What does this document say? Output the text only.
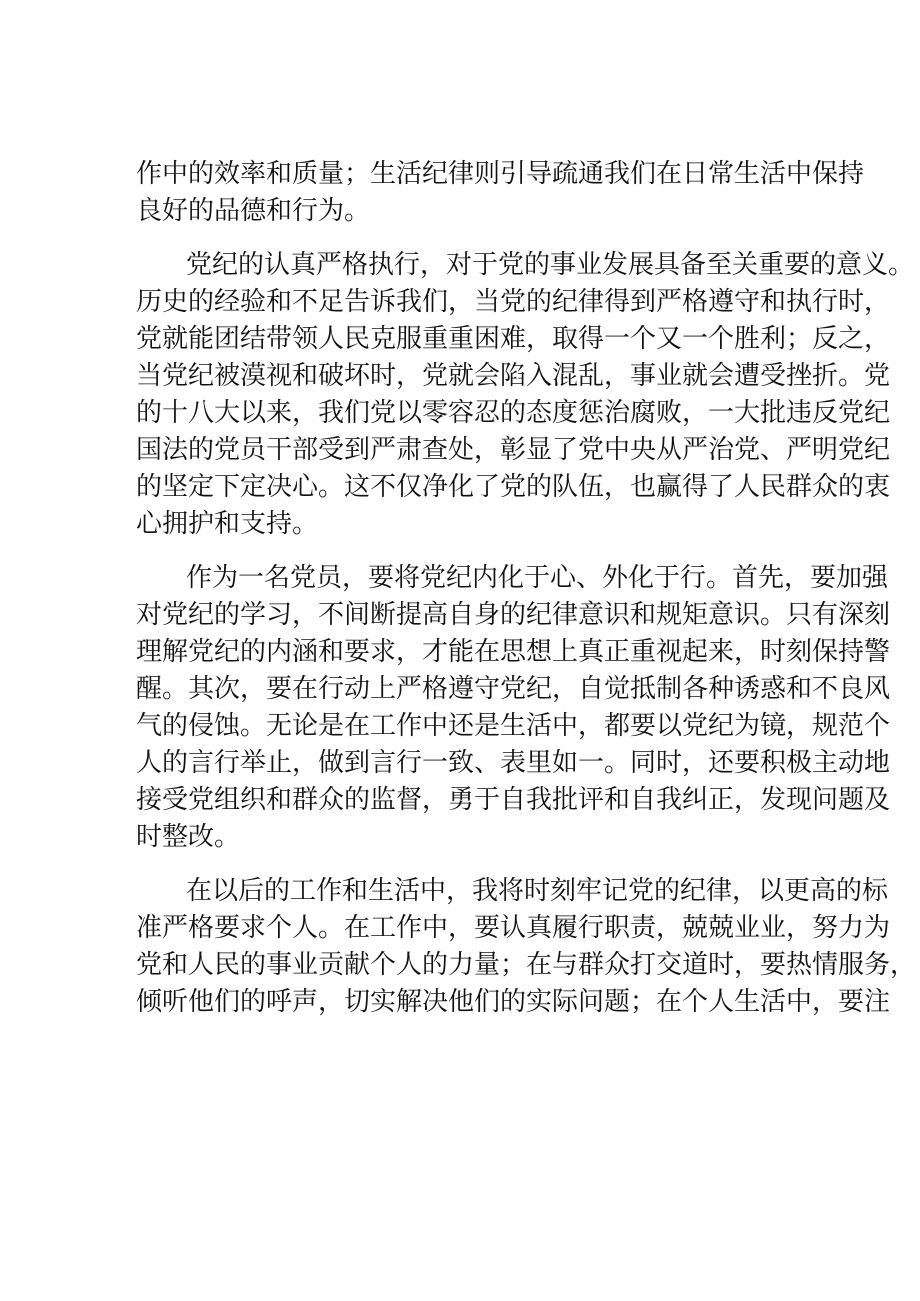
作中的效率和质量；生活纪律则引导疏通我们在日常生活中保持
良好的品德和行为。
党纪的认真严格执行，对于党的事业发展具备至关重要的意义。
历史的经验和不足告诉我们，当党的纪律得到严格遵守和执行时，
党就能团结带领人民克服重重困难，取得一个又一个胜利；反之，
当党纪被漠视和破坏时，党就会陷入混乱，事业就会遭受挫折。党
的十八大以来，我们党以零容忍的态度惩治腐败，一大批违反党纪
国法的党员干部受到严肃查处，彰显了党中央从严治党、严明党纪
的坚定下定决心。这不仅净化了党的队伍，也赢得了人民群众的衷
心拥护和支持。
作为一名党员，要将党纪内化于心、外化于行。首先，要加强
对党纪的学习，不间断提高自身的纪律意识和规矩意识。只有深刻
理解党纪的内涵和要求，才能在思想上真正重视起来，时刻保持警
醒。其次，要在行动上严格遵守党纪，自觉抵制各种诱惑和不良风
气的侵蚀。无论是在工作中还是生活中，都要以党纪为镜，规范个
人的言行举止，做到言行一致、表里如一。同时，还要积极主动地
接受党组织和群众的监督，勇于自我批评和自我纠正，发现问题及
时整改。
在以后的工作和生活中，我将时刻牢记党的纪律，以更高的标
准严格要求个人。在工作中，要认真履行职责，兢兢业业，努力为
党和人民的事业贡献个人的力量；在与群众打交道时，要热情服务，
倾听他们的呼声，切实解决他们的实际问题；在个人生活中，要注
